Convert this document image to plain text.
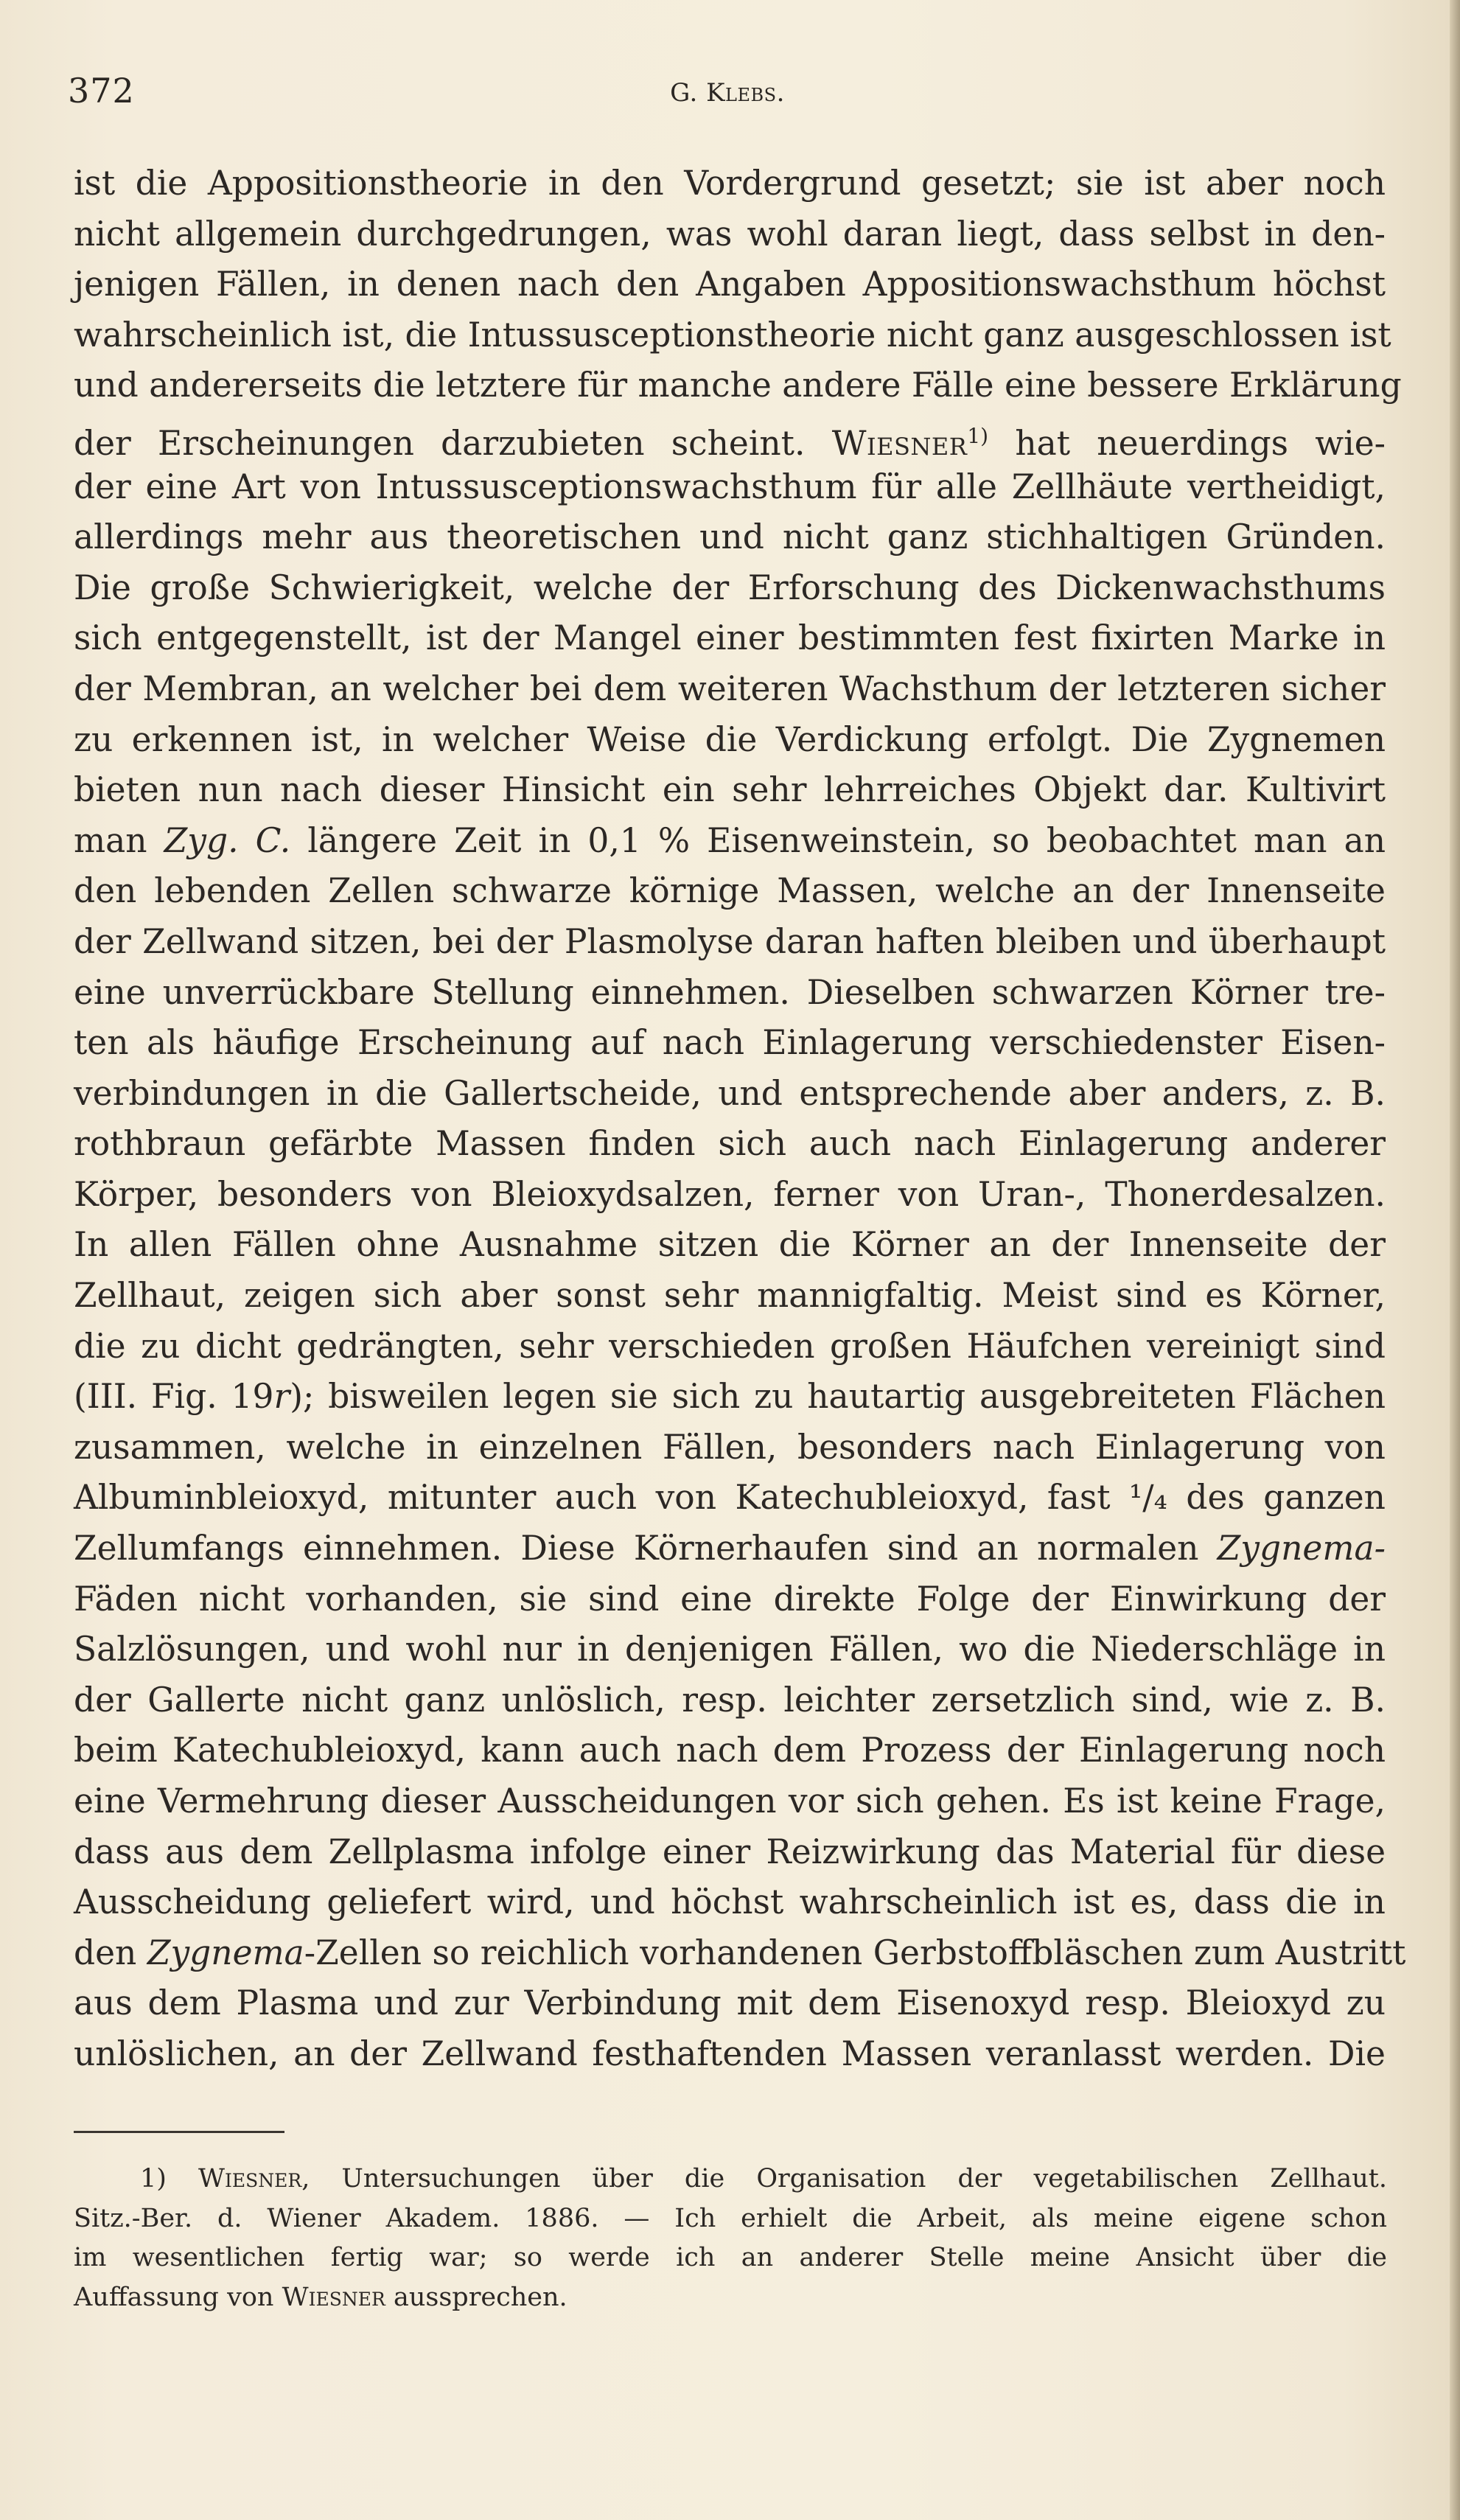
372	G. Klebs.
ist die Appositionstheorie in den Vordergrund gesetzt; sie ist aber noch
nicht allgemein durchgedrungen, was wohl daran liegt, dass selbst in den-
jenigen Fällen, in denen nach den Angaben Appositionswachsthum höchst
wahrscheinlich ist, die Intussusceptionstheorie nicht ganz ausgeschlossen ist
und andererseits die letztere für manche andere Fälle eine bessere Erklärung
der Erscheinungen darzubieten scheint. Wiesner$^{1)}$ hat neuerdings wie-
der eine Art von Intussusceptionswachsthum für alle Zellhäute vertheidigt,
allerdings mehr aus theoretischen und nicht ganz stichhaltigen Gründen.
Die große Schwierigkeit, welche der Erforschung des Dickenwachsthums
sich entgegenstellt, ist der Mangel einer bestimmten fest fixirten Marke in
der Membran, an welcher bei dem weiteren Wachsthum der letzteren sicher
zu erkennen ist, in welcher Weise die Verdickung erfolgt. Die Zygnemen
bieten nun nach dieser Hinsicht ein sehr lehrreiches Objekt dar. Kultivirt
man Zyg. C. längere Zeit in 0,1 % Eisenweinstein, so beobachtet man an
den lebenden Zellen schwarze körnige Massen, welche an der Innenseite
der Zellwand sitzen, bei der Plasmolyse daran haften bleiben und überhaupt
eine unverrückbare Stellung einnehmen. Dieselben schwarzen Körner tre-
ten als häufige Erscheinung auf nach Einlagerung verschiedenster Eisen-
verbindungen in die Gallertscheide, und entsprechende aber anders, z. B.
rothbraun gefärbte Massen finden sich auch nach Einlagerung anderer
Körper, besonders von Bleioxydsalzen, ferner von Uran-, Thonerdesalzen.
In allen Fällen ohne Ausnahme sitzen die Körner an der Innenseite der
Zellhaut, zeigen sich aber sonst sehr mannigfaltig. Meist sind es Körner,
die zu dicht gedrängten, sehr verschieden großen Häufchen vereinigt sind
(III. Fig. 19r); bisweilen legen sie sich zu hautartig ausgebreiteten Flächen
zusammen, welche in einzelnen Fällen, besonders nach Einlagerung von
Albuminbleioxyd, mitunter auch von Katechubleioxyd, fast ¹/₄ des ganzen
Zellumfangs einnehmen. Diese Körnerhaufen sind an normalen Zygnema-
Fäden nicht vorhanden, sie sind eine direkte Folge der Einwirkung der
Salzlösungen, und wohl nur in denjenigen Fällen, wo die Niederschläge in
der Gallerte nicht ganz unlöslich, resp. leichter zersetzlich sind, wie z. B.
beim Katechubleioxyd, kann auch nach dem Prozess der Einlagerung noch
eine Vermehrung dieser Ausscheidungen vor sich gehen. Es ist keine Frage,
dass aus dem Zellplasma infolge einer Reizwirkung das Material für diese
Ausscheidung geliefert wird, und höchst wahrscheinlich ist es, dass die in
den Zygnema-Zellen so reichlich vorhandenen Gerbstoffbläschen zum Austritt
aus dem Plasma und zur Verbindung mit dem Eisenoxyd resp. Bleioxyd zu
unlöslichen, an der Zellwand festhaftenden Massen veranlasst werden. Die
1) Wiesner, Untersuchungen über die Organisation der vegetabilischen Zellhaut.
Sitz.-Ber. d. Wiener Akadem. 1886. — Ich erhielt die Arbeit, als meine eigene schon
im wesentlichen fertig war; so werde ich an anderer Stelle meine Ansicht über die
Auffassung von Wiesner aussprechen.
